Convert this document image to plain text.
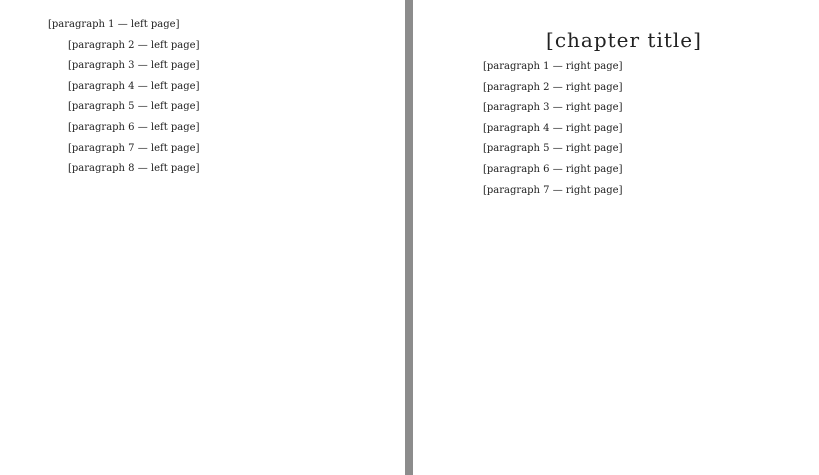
[paragraph 1 — left page]

[paragraph 2 — left page]

[paragraph 3 — left page]

[paragraph 4 — left page]

[paragraph 5 — left page]

[paragraph 6 — left page]

[paragraph 7 — left page]

[paragraph 8 — left page]

[chapter title]

[paragraph 1 — right page]

[paragraph 2 — right page]

[paragraph 3 — right page]

[paragraph 4 — right page]

[paragraph 5 — right page]

[paragraph 6 — right page]

[paragraph 7 — right page]
